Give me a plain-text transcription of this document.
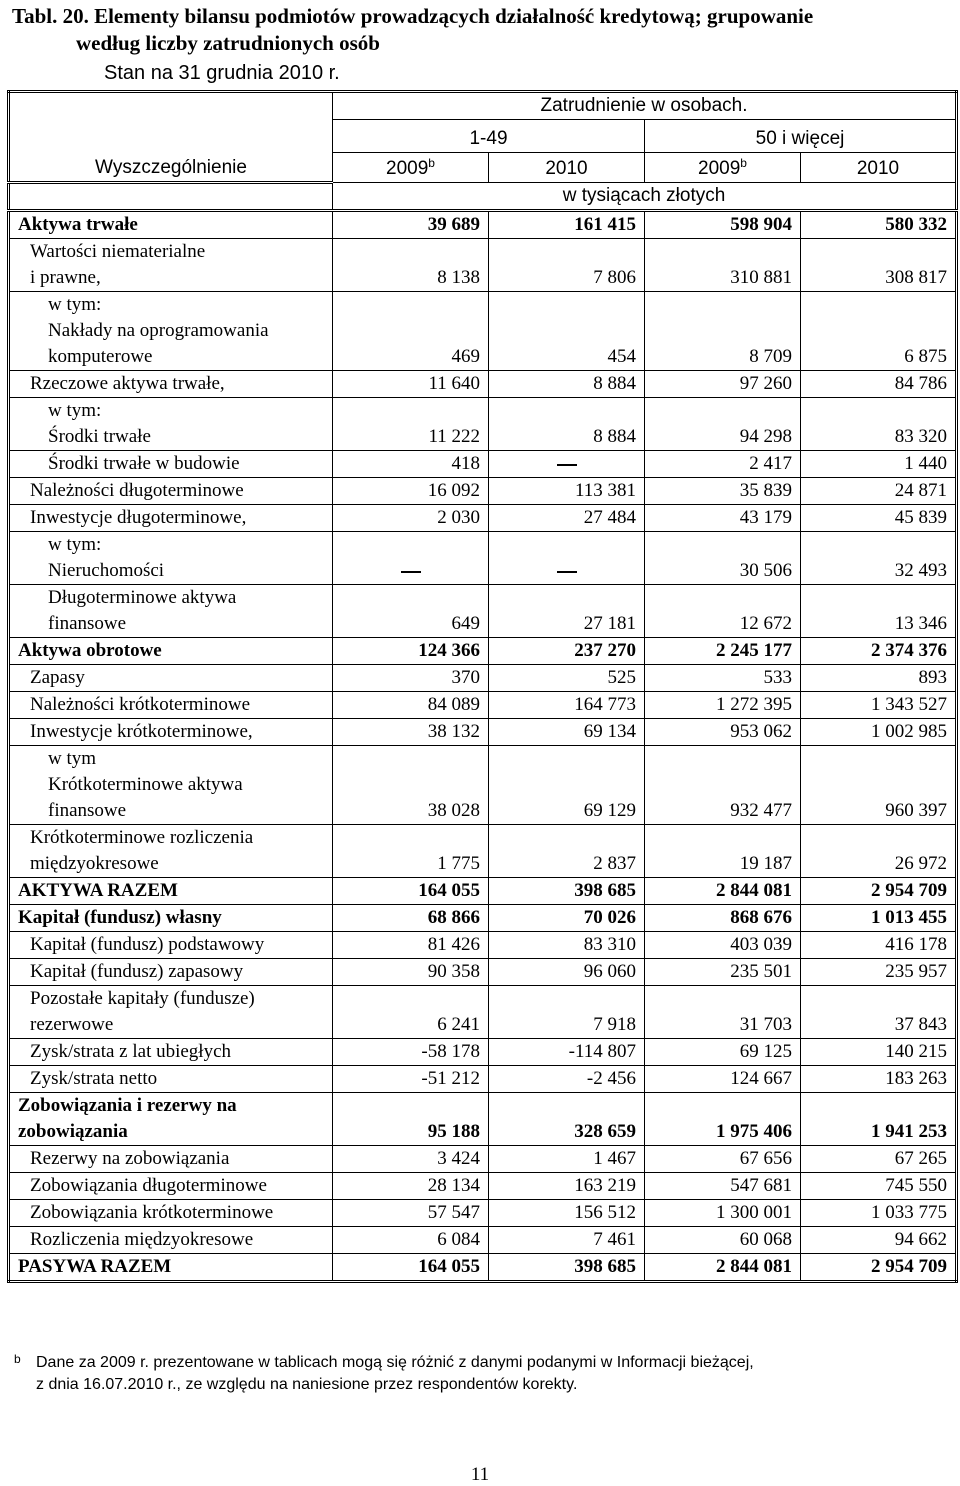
Tabl. 20. Elementy bilansu podmiotów prowadzących działalność kredytową; grupowanie
według liczby zatrudnionych osób
Stan na 31 grudnia 2010 r.
Wyszczególnienie	Zatrudnienie w osobach.			
	1-49		50 i więcej	
	2009$^b$	2010	2009$^b$	2010
	w tysiącach złotych			

Aktywa trwałe	39 689	161 415	598 904	580 332

Wartości niematerialne
i prawne,	8 138	7 806	310 881	308 817

w tym:
Nakłady na oprogramowania
komputerowe	469	454	8 709	6 875

Rzeczowe aktywa trwałe,	11 640	8 884	97 260	84 786

w tym:
Środki trwałe	11 222	8 884	94 298	83 320

Środki trwałe w budowie	418		2 417	1 440

Należności długoterminowe	16 092	113 381	35 839	24 871

Inwestycje długoterminowe,	2 030	27 484	43 179	45 839

w tym:
Nieruchomości			30 506	32 493

Długoterminowe aktywa
finansowe	649	27 181	12 672	13 346

Aktywa obrotowe	124 366	237 270	2 245 177	2 374 376

Zapasy	370	525	533	893

Należności krótkoterminowe	84 089	164 773	1 272 395	1 343 527

Inwestycje krótkoterminowe,	38 132	69 134	953 062	1 002 985

w tym
Krótkoterminowe aktywa
finansowe	38 028	69 129	932 477	960 397

Krótkoterminowe rozliczenia
międzyokresowe	1 775	2 837	19 187	26 972

AKTYWA RAZEM	164 055	398 685	2 844 081	2 954 709

Kapitał (fundusz) własny	68 866	70 026	868 676	1 013 455

Kapitał (fundusz) podstawowy	81 426	83 310	403 039	416 178

Kapitał (fundusz) zapasowy	90 358	96 060	235 501	235 957

Pozostałe kapitały (fundusze)
rezerwowe	6 241	7 918	31 703	37 843

Zysk/strata z lat ubiegłych	-58 178	-114 807	69 125	140 215

Zysk/strata netto	-51 212	-2 456	124 667	183 263

Zobowiązania i rezerwy na
zobowiązania	95 188	328 659	1 975 406	1 941 253

Rezerwy na zobowiązania	3 424	1 467	67 656	67 265

Zobowiązania długoterminowe	28 134	163 219	547 681	745 550

Zobowiązania krótkoterminowe	57 547	156 512	1 300 001	1 033 775

Rozliczenia międzyokresowe	6 084	7 461	60 068	94 662

PASYWA RAZEM	164 055	398 685	2 844 081	2 954 709
b Dane za 2009 r. prezentowane w tablicach mogą się różnić z danymi podanymi w Informacji bieżącej,
z dnia 16.07.2010 r., ze względu na naniesione przez respondentów korekty.
11
